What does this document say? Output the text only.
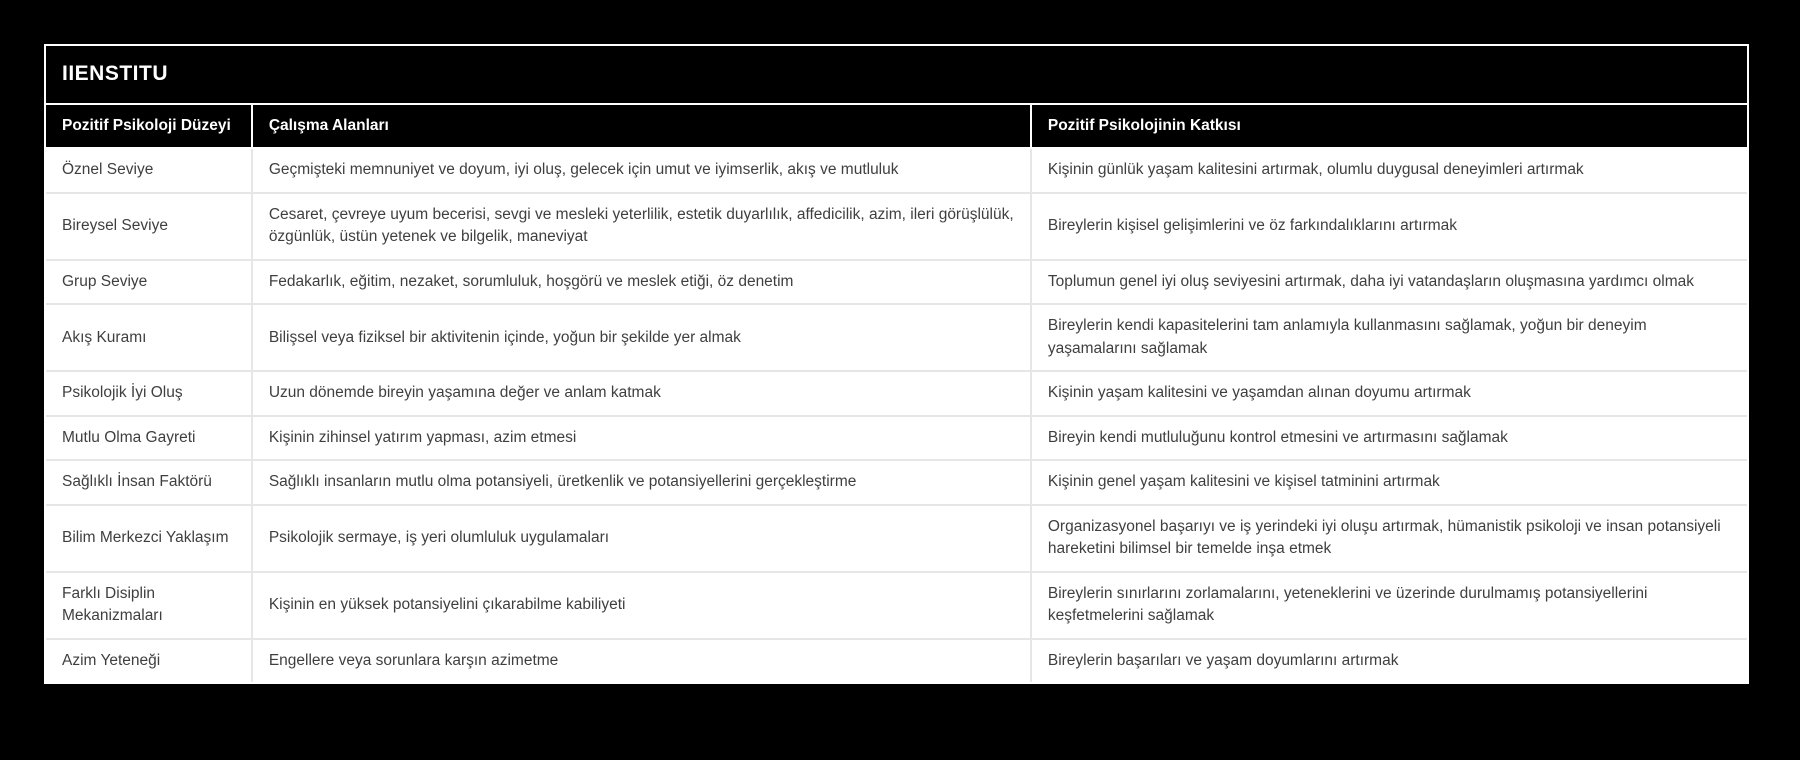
IIENSTITU
Pozitif Psikoloji Düzeyi	Çalışma Alanları	Pozitif Psikolojinin Katkısı
Öznel Seviye	Geçmişteki memnuniyet ve doyum, iyi oluş, gelecek için umut ve iyimserlik, akış ve mutluluk	Kişinin günlük yaşam kalitesini artırmak, olumlu duygusal deneyimleri artırmak
Bireysel Seviye	Cesaret, çevreye uyum becerisi, sevgi ve mesleki yeterlilik, estetik duyarlılık, affedicilik, azim, ileri görüşlülük, özgünlük, üstün yetenek ve bilgelik, maneviyat	Bireylerin kişisel gelişimlerini ve öz farkındalıklarını artırmak
Grup Seviye	Fedakarlık, eğitim, nezaket, sorumluluk, hoşgörü ve meslek etiği, öz denetim	Toplumun genel iyi oluş seviyesini artırmak, daha iyi vatandaşların oluşmasına yardımcı olmak
Akış Kuramı	Bilişsel veya fiziksel bir aktivitenin içinde, yoğun bir şekilde yer almak	Bireylerin kendi kapasitelerini tam anlamıyla kullanmasını sağlamak, yoğun bir deneyim yaşamalarını sağlamak
Psikolojik İyi Oluş	Uzun dönemde bireyin yaşamına değer ve anlam katmak	Kişinin yaşam kalitesini ve yaşamdan alınan doyumu artırmak
Mutlu Olma Gayreti	Kişinin zihinsel yatırım yapması, azim etmesi	Bireyin kendi mutluluğunu kontrol etmesini ve artırmasını sağlamak
Sağlıklı İnsan Faktörü	Sağlıklı insanların mutlu olma potansiyeli, üretkenlik ve potansiyellerini gerçekleştirme	Kişinin genel yaşam kalitesini ve kişisel tatminini artırmak
Bilim Merkezci Yaklaşım	Psikolojik sermaye, iş yeri olumluluk uygulamaları	Organizasyonel başarıyı ve iş yerindeki iyi oluşu artırmak, hümanistik psikoloji ve insan potansiyeli hareketini bilimsel bir temelde inşa etmek
Farklı Disiplin Mekanizmaları	Kişinin en yüksek potansiyelini çıkarabilme kabiliyeti	Bireylerin sınırlarını zorlamalarını, yeteneklerini ve üzerinde durulmamış potansiyellerini keşfetmelerini sağlamak
Azim Yeteneği	Engellere veya sorunlara karşın azimetme	Bireylerin başarıları ve yaşam doyumlarını artırmak
